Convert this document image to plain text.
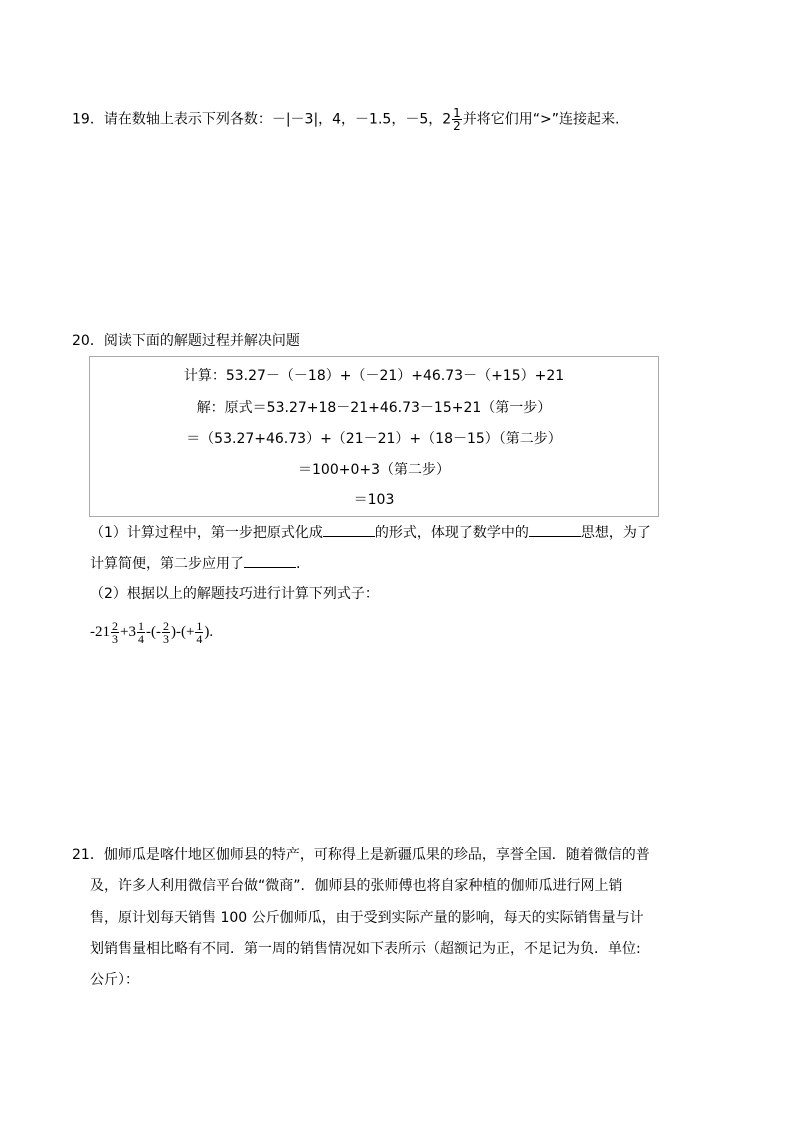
19．请在数轴上表示下列各数：－|－3|，4，－1.5，－5，$2 \frac{1}{2}$ 并将它们用“>”连接起来.
20．阅读下面的解题过程并解决问题
计算：53.27－（－18）+（－21）+46.73－（+15）+21
解：原式＝53.27+18－21+46.73－15+21（第一步）
＝（53.27+46.73）+（21－21）+（18－15）（第二步）
＝100+0+3（第二步）
＝103
（1）计算过程中，第一步把原式化成	的形式，体现了数学中的	思想，为了
计算简便，第二步应用了	.
（2）根据以上的解题技巧进行计算下列式子：
$-21 \frac{2}{3} +3 \frac{1}{4}$ -(- $\frac{2}{3}$ )-(+ $\frac{1}{4}$ ).
21．伽师瓜是喀什地区伽师县的特产，可称得上是新疆瓜果的珍品，享誉全国．随着微信的普
及，许多人利用微信平台做“微商”．伽师县的张师傅也将自家种植的伽师瓜进行网上销
售，原计划每天销售 100 公斤伽师瓜，由于受到实际产量的影响，每天的实际销售量与计
划销售量相比略有不同．第一周的销售情况如下表所示（超额记为正，不足记为负．单位:
公斤）：
